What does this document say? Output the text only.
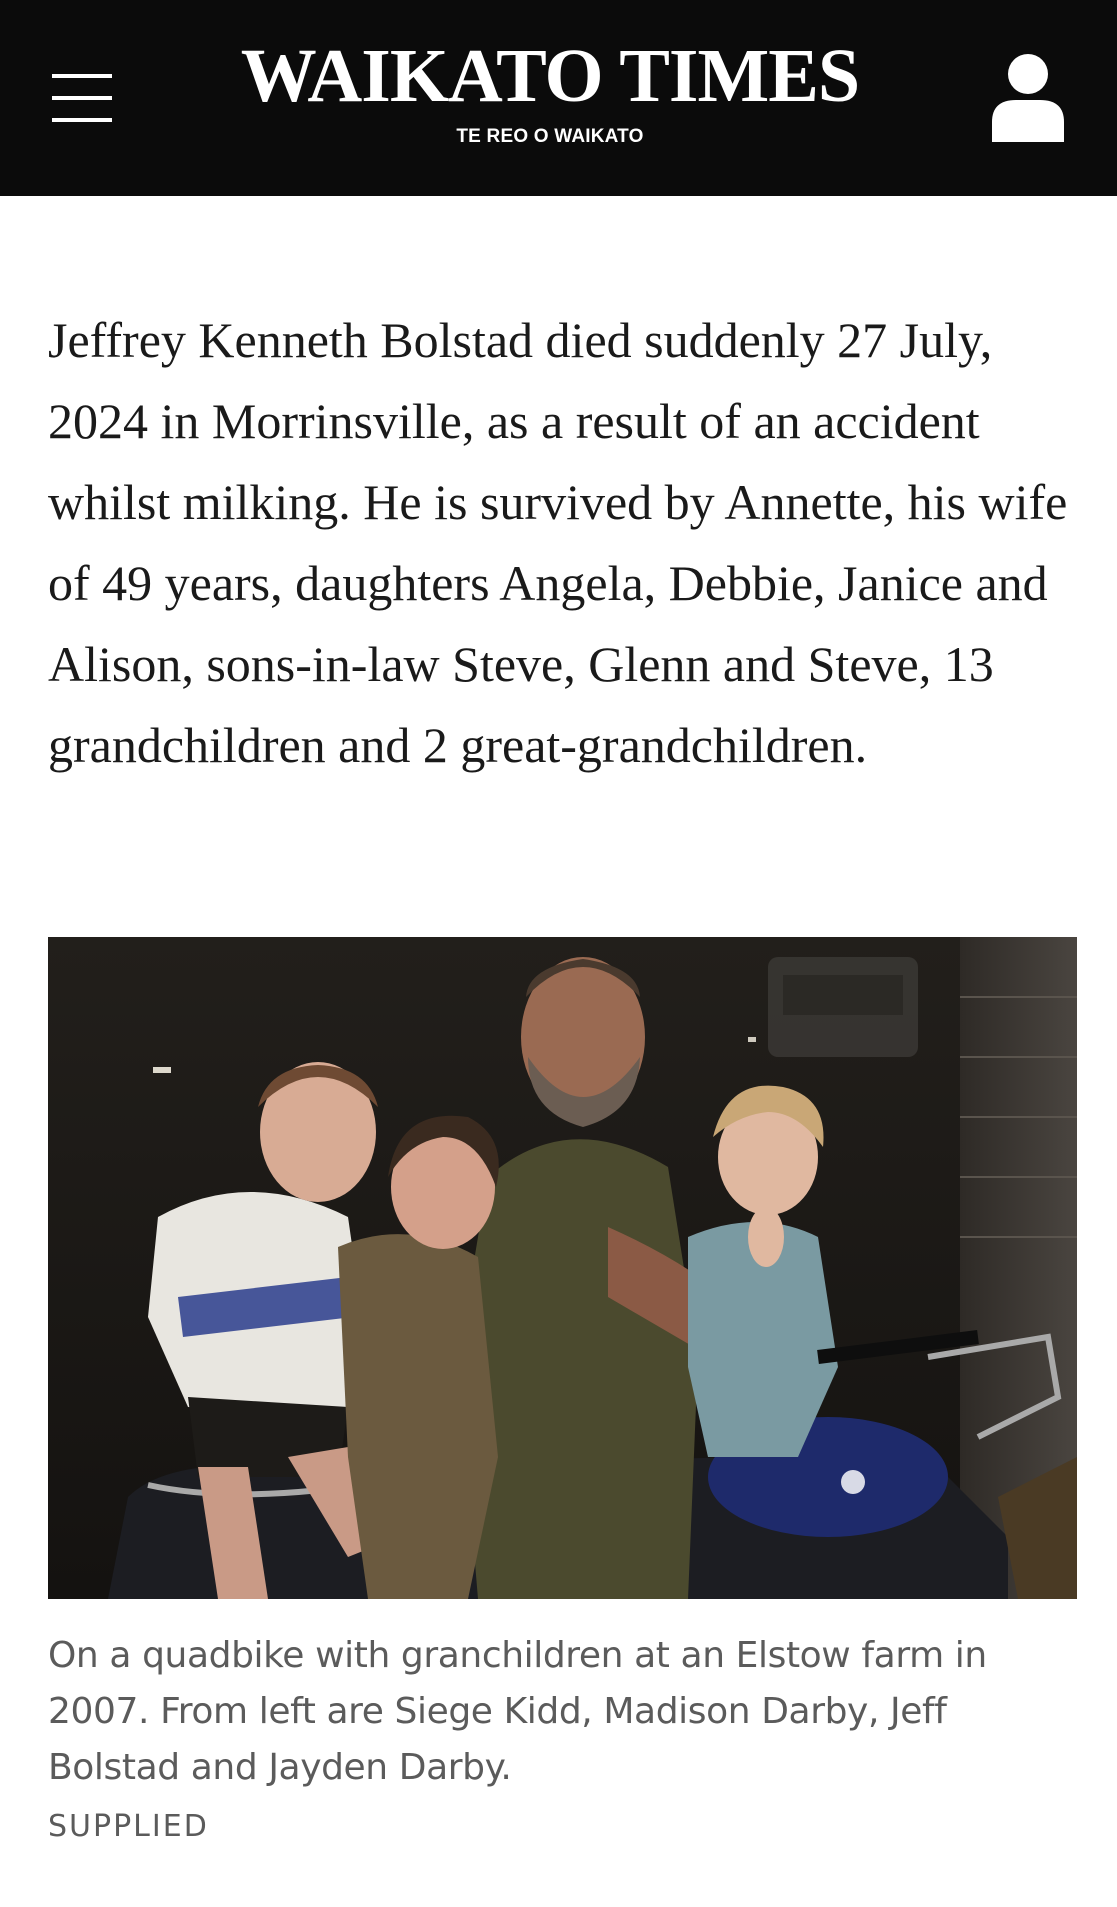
WAIKATO TIMES
TE REO O WAIKATO

Jeffrey Kenneth Bolstad died suddenly 27 July, 2024 in Morrinsville, as a result of an accident whilst milking. He is survived by Annette, his wife of 49 years, daughters Angela, Debbie, Janice and Alison, sons-in-law Steve, Glenn and Steve, 13 grandchildren and 2 great-grandchildren.

On a quadbike with granchildren at an Elstow farm in 2007. From left are Siege Kidd, Madison Darby, Jeff Bolstad and Jayden Darby.

SUPPLIED
